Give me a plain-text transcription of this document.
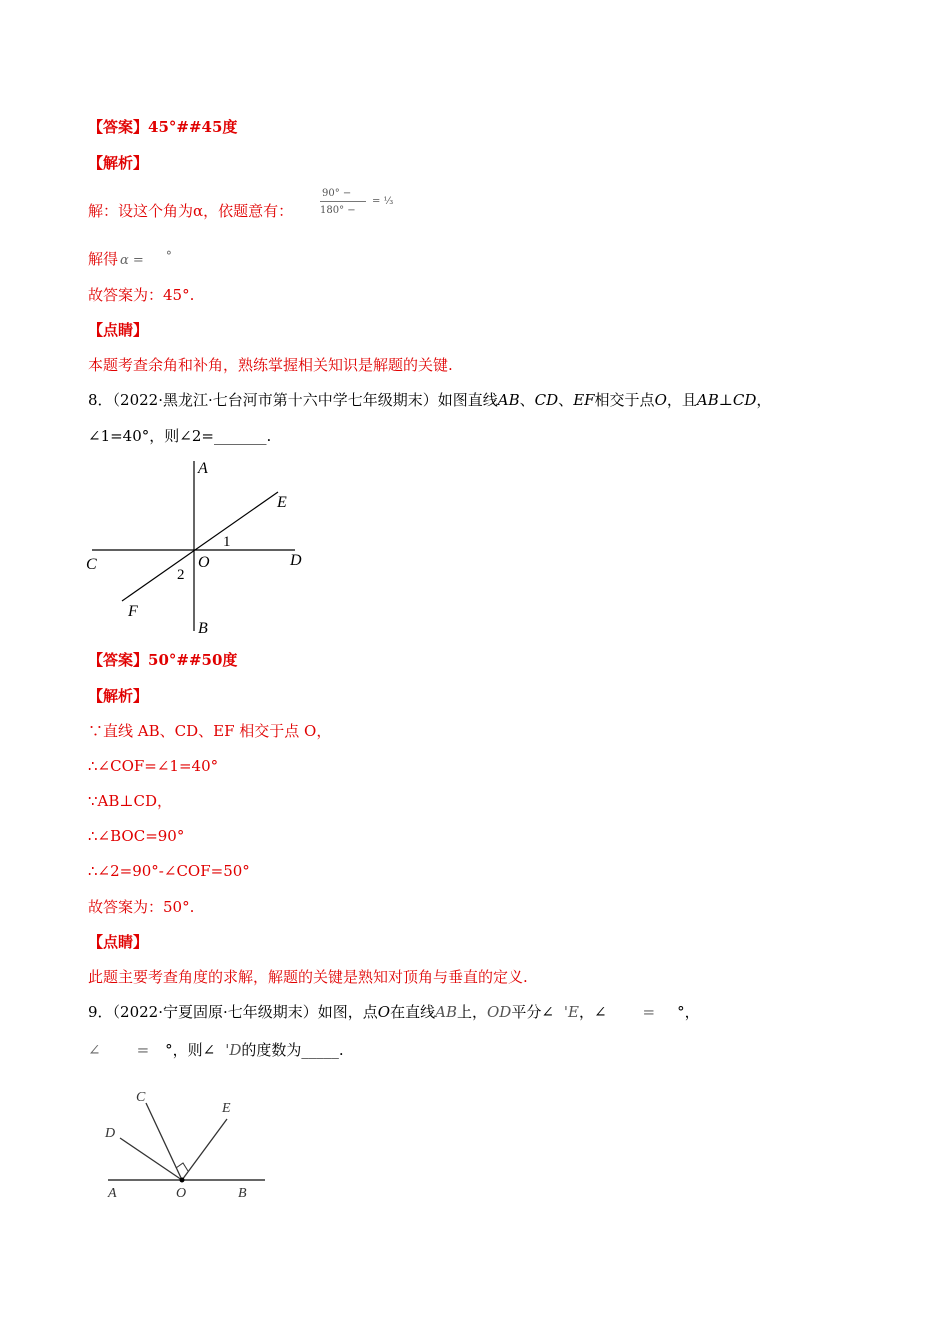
【答案】45°##45度
【解析】
解：设这个角为α，依题意有：
90° −
180° −
= ¹⁄₃
解得 α = °
故答案为：45°.
【点睛】
本题考查余角和补角，熟练掌握相关知识是解题的关键.
8．（2022·黑龙江·七台河市第十六中学七年级期末）如图直线AB、CD、EF相交于点O，且AB⊥CD，
∠1=40°，则∠2=_______.
A
B
C	D
E
F
O
1
2
【答案】50°##50度
【解析】
∵直线 AB、CD、EF 相交于点 O，
∴∠COF=∠1=40°
∵AB⊥CD，
∴∠BOC=90°
∴∠2=90°-∠COF=50°
故答案为：50°.
【点睛】
此题主要考查角度的求解，解题的关键是熟知对顶角与垂直的定义.
9．（2022·宁夏固原·七年级期末）如图，点O在直线AB上，OD平分∠ 'E，∠ = °，
∠ = °，则∠ 'D的度数为_____.
C
D
E
A	O	B
